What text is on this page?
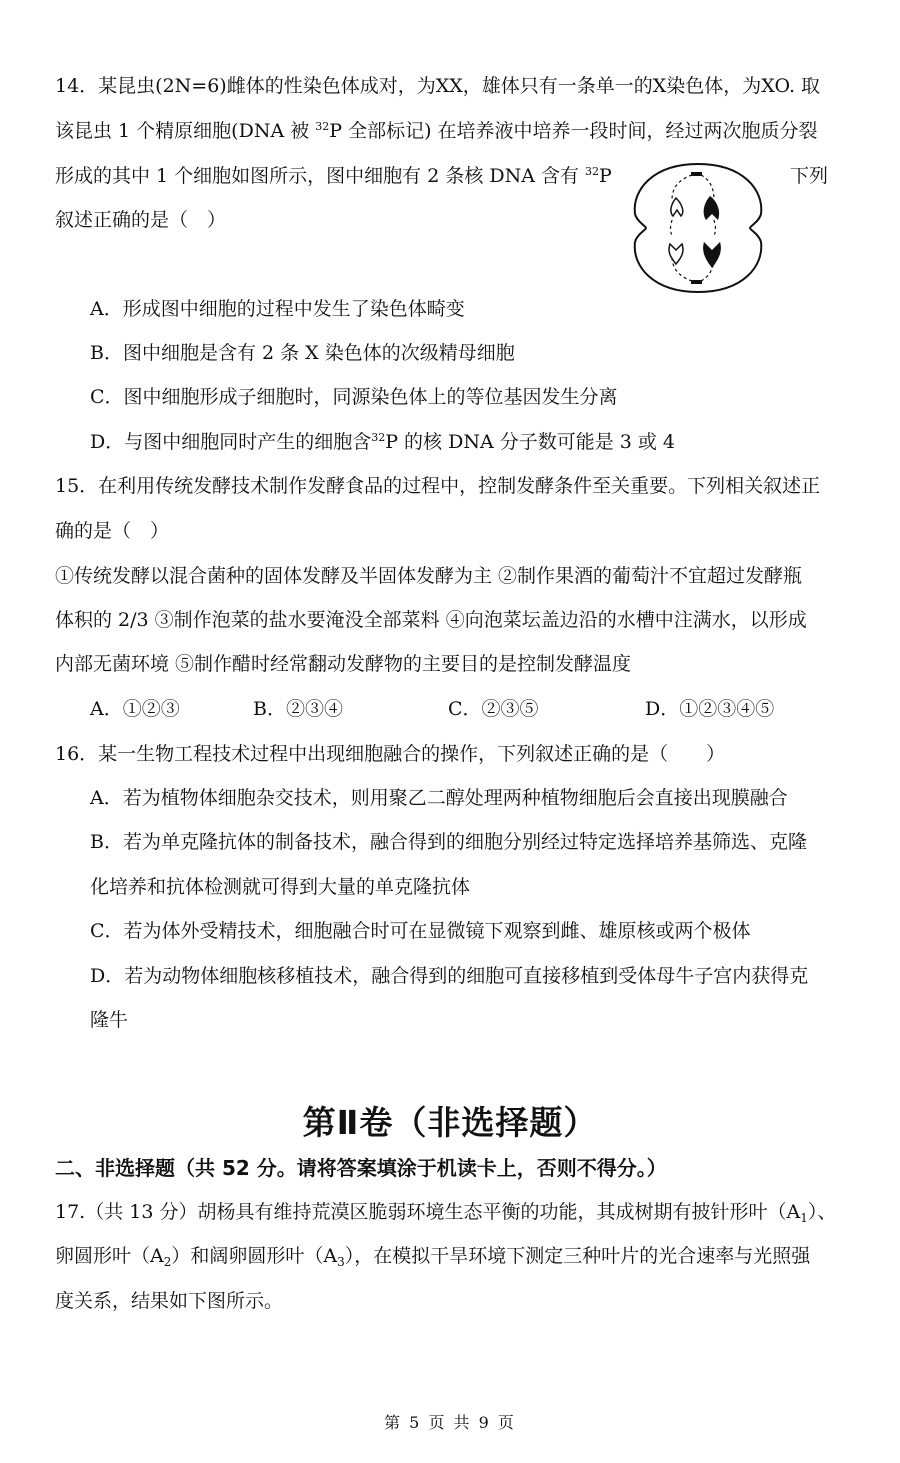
14．某昆虫(2N=6)雌体的性染色体成对，为XX，雄体只有一条单一的X染色体，为XO. 取
该昆虫 1 个精原细胞(DNA 被 $^{32}$P 全部标记) 在培养液中培养一段时间，经过两次胞质分裂
形成的其中 1 个细胞如图所示，图中细胞有 2 条核 DNA 含有 $^{32}$P	下列
叙述正确的是（　）
A．形成图中细胞的过程中发生了染色体畸变
B．图中细胞是含有 2 条 X 染色体的次级精母细胞
C．图中细胞形成子细胞时，同源染色体上的等位基因发生分离
D．与图中细胞同时产生的细胞含$^{32}$P 的核 DNA 分子数可能是 3 或 4
15．在利用传统发酵技术制作发酵食品的过程中，控制发酵条件至关重要。下列相关叙述正
确的是（　）
①传统发酵以混合菌种的固体发酵及半固体发酵为主 ②制作果酒的葡萄汁不宜超过发酵瓶
体积的 2/3 ③制作泡菜的盐水要淹没全部菜料 ④向泡菜坛盖边沿的水槽中注满水，以形成
内部无菌环境 ⑤制作醋时经常翻动发酵物的主要目的是控制发酵温度
A．①②③	B．②③④	C．②③⑤	D．①②③④⑤
16．某一生物工程技术过程中出现细胞融合的操作，下列叙述正确的是（　　）
A．若为植物体细胞杂交技术，则用聚乙二醇处理两种植物细胞后会直接出现膜融合
B．若为单克隆抗体的制备技术，融合得到的细胞分别经过特定选择培养基筛选、克隆
化培养和抗体检测就可得到大量的单克隆抗体
C．若为体外受精技术，细胞融合时可在显微镜下观察到雌、雄原核或两个极体
D．若为动物体细胞核移植技术，融合得到的细胞可直接移植到受体母牛子宫内获得克
隆牛
第Ⅱ卷（非选择题）
二、非选择题（共 52 分。请将答案填涂于机读卡上，否则不得分。）
17.（共 13 分）胡杨具有维持荒漠区脆弱环境生态平衡的功能，其成树期有披针形叶$(A_1)$、
卵圆形叶$(A_2)$和阔卵圆形叶$(A_3)$，在模拟干旱环境下测定三种叶片的光合速率与光照强
度关系，结果如下图所示。
第 5 页 共 9 页
